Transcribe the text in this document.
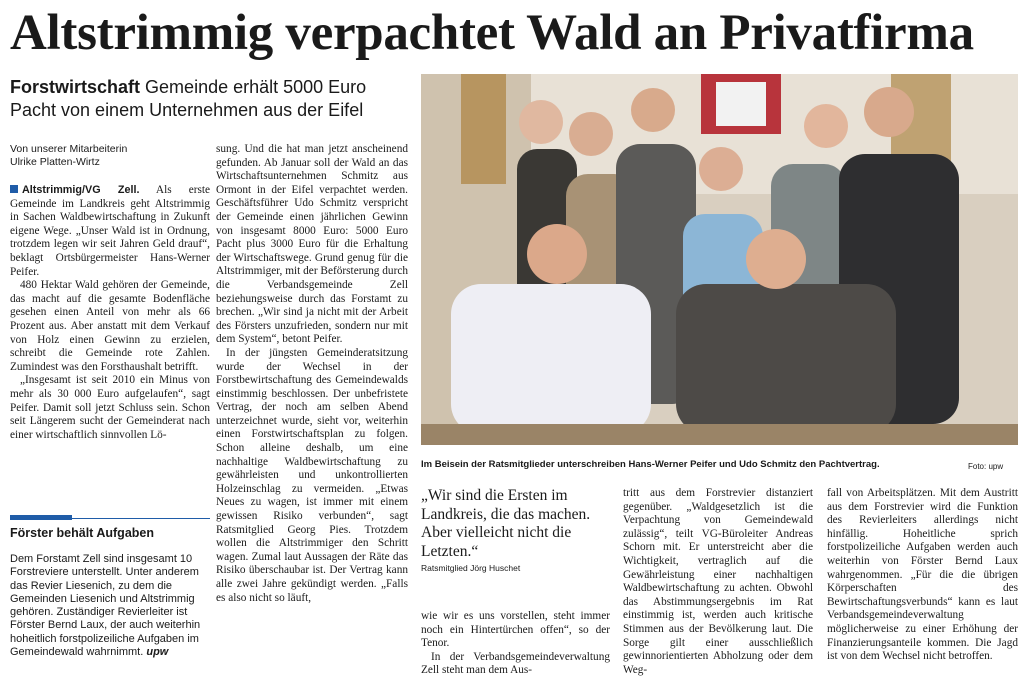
Altstrimmig verpachtet Wald an Privatfirma
Forstwirtschaft Gemeinde erhält 5000 Euro Pacht von einem Unternehmen aus der Eifel
Von unserer Mitarbeiterin
Ulrike Platten-Wirtz

Altstrimmig/VG Zell. Als erste Gemeinde im Landkreis geht Altstrimmig in Sachen Waldbewirtschaftung in Zukunft eigene Wege. „Unser Wald ist in Ordnung, trotzdem legen wir seit Jahren Geld drauf“, beklagt Ortsbürgermeister Hans-Werner Peifer.

480 Hektar Wald gehören der Gemeinde, das macht auf die gesamte Bodenfläche gesehen einen Anteil von mehr als 66 Prozent aus. Aber anstatt mit dem Verkauf von Holz einen Gewinn zu erzielen, schreibt die Gemeinde rote Zahlen. Zumindest was den Forsthaushalt betrifft.

„Insgesamt ist seit 2010 ein Minus von mehr als 30 000 Euro aufgelaufen“, sagt Peifer. Damit soll jetzt Schluss sein. Schon seit Längerem sucht der Gemeinderat nach einer wirtschaftlich sinnvollen Lö-

Förster behält Aufgaben
Dem Forstamt Zell sind insgesamt 10 Forstreviere unterstellt. Unter anderem das Revier Liesenich, zu dem die Gemeinden Liesenich und Altstrimmig gehören. Zuständiger Revierleiter ist Förster Bernd Laux, der auch weiterhin hoheitlich forstpolizeiliche Aufgaben im Gemeindewald wahrnimmt. upw

sung. Und die hat man jetzt anscheinend gefunden. Ab Januar soll der Wald an das Wirtschaftsunternehmen Schmitz aus Ormont in der Eifel verpachtet werden. Geschäftsführer Udo Schmitz verspricht der Gemeinde einen jährlichen Gewinn von insgesamt 8000 Euro: 5000 Euro Pacht plus 3000 Euro für die Erhaltung der Wirtschaftswege. Grund genug für die Altstrimmiger, mit der Beförsterung durch die Verbandsgemeinde Zell beziehungsweise durch das Forstamt zu brechen. „Wir sind ja nicht mit der Arbeit des Försters unzufrieden, sondern nur mit dem System“, betont Peifer.

In der jüngsten Gemeinderatsitzung wurde der Wechsel in der Forstbewirtschaftung des Gemeindewalds einstimmig beschlossen. Der unbefristete Vertrag, der noch am selben Abend unterzeichnet wurde, sieht vor, weiterhin einen Forstwirtschaftsplan zu folgen. Schon alleine deshalb, um eine nachhaltige Waldbewirtschaftung zu gewährleisten und unkontrollierten Holzeinschlag zu vermeiden. „Etwas Neues zu wagen, ist immer mit einem gewissen Risiko verbunden“, sagt Ratsmitglied Georg Pies. Trotzdem wollen die Altstrimmiger den Schritt wagen. Zumal laut Aussagen der Räte das Risiko überschaubar ist. Der Vertrag kann alle zwei Jahre gekündigt werden. „Falls es also nicht so läuft,

Im Beisein der Ratsmitglieder unterschreiben Hans-Werner Peifer und Udo Schmitz den Pachtvertrag.	Foto: upw
„Wir sind die Ersten im Landkreis, die das machen. Aber vielleicht nicht die Letzten.“
Ratsmitglied Jörg Huschet

wie wir es uns vorstellen, steht immer noch ein Hintertürchen offen“, so der Tenor.

In der Verbandsgemeindeverwaltung Zell steht man dem Aus-

tritt aus dem Forstrevier distanziert gegenüber. „Waldgesetzlich ist die Verpachtung von Gemeindewald zulässig“, teilt VG-Büroleiter Andreas Schorn mit. Er unterstreicht aber die Wichtigkeit, vertraglich auf die Gewährleistung einer nachhaltigen Waldbewirtschaftung zu achten. Obwohl das Abstimmungsergebnis im Rat einstimmig ist, werden auch kritische Stimmen aus der Bevölkerung laut. Die Sorge gilt einer ausschließlich gewinnorientierten Abholzung oder dem Weg-

fall von Arbeitsplätzen. Mit dem Austritt aus dem Forstrevier wird die Funktion des Revierleiters allerdings nicht hinfällig. Hoheitliche sprich forstpolizeiliche Aufgaben werden auch weiterhin von Förster Bernd Laux wahrgenommen. „Für die die übrigen Körperschaften des Bewirtschaftungsverbunds“ kann es laut Verbandsgemeindeverwaltung möglicherweise zu einer Erhöhung der Finanzierungsanteile kommen. Die Jagd ist von dem Wechsel nicht betroffen.
